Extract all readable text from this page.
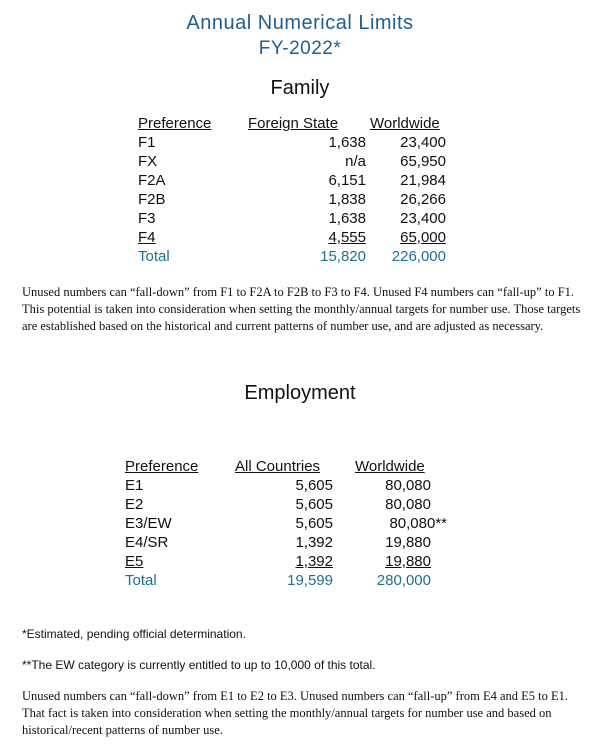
Annual Numerical Limits
FY-2022*
Family
Preference	Foreign State	Worldwide
F1	1,638	23,400
FX	n/a	65,950
F2A	6,151	21,984
F2B	1,838	26,266
F3	1,638	23,400
F4	4,555	65,000
Total	15,820	226,000
Unused numbers can “fall-down” from F1 to F2A to F2B to F3 to F4. Unused F4 numbers can “fall-up” to F1. This potential is taken into consideration when setting the monthly/annual targets for number use. Those targets are established based on the historical and current patterns of number use, and are adjusted as necessary.
Employment
Preference	All Countries	Worldwide
E1	5,605	80,080
E2	5,605	80,080
E3/EW	5,605	80,080**
E4/SR	1,392	19,880
E5	1,392	19,880
Total	19,599	280,000
*Estimated, pending official determination.
**The EW category is currently entitled to up to 10,000 of this total.
Unused numbers can “fall-down” from E1 to E2 to E3. Unused numbers can “fall-up” from E4 and E5 to E1. That fact is taken into consideration when setting the monthly/annual targets for number use and based on historical/recent patterns of number use.
